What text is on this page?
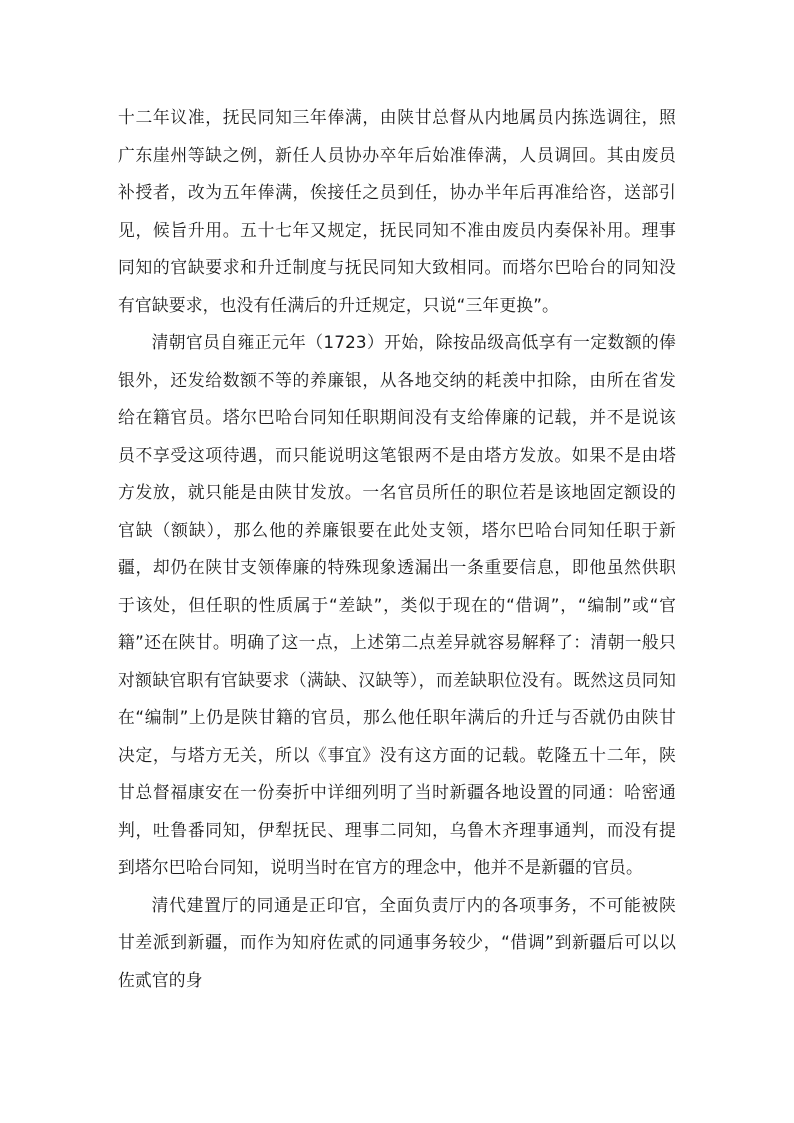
十二年议准，抚民同知三年俸满，由陕甘总督从内地属员内拣选调往，照广东崖州等缺之例，新任人员协办卒年后始准俸满，人员调回。其由废员补授者，改为五年俸满，俟接任之员到任，协办半年后再准给咨，送部引见，候旨升用。五十七年又规定，抚民同知不准由废员内奏保补用。理事同知的官缺要求和升迁制度与抚民同知大致相同。而塔尔巴哈台的同知没有官缺要求，也没有任满后的升迁规定，只说“三年更换”。

清朝官员自雍正元年（1723）开始，除按品级高低享有一定数额的俸银外，还发给数额不等的养廉银，从各地交纳的耗羡中扣除，由所在省发给在籍官员。塔尔巴哈台同知任职期间没有支给俸廉的记载，并不是说该员不享受这项待遇，而只能说明这笔银两不是由塔方发放。如果不是由塔方发放，就只能是由陕甘发放。一名官员所任的职位若是该地固定额设的官缺（额缺），那么他的养廉银要在此处支领，塔尔巴哈台同知任职于新疆，却仍在陕甘支领俸廉的特殊现象透漏出一条重要信息，即他虽然供职于该处，但任职的性质属于“差缺”，类似于现在的“借调”，“编制”或“官籍”还在陕甘。明确了这一点，上述第二点差异就容易解释了：清朝一般只对额缺官职有官缺要求（满缺、汉缺等），而差缺职位没有。既然这员同知在“编制”上仍是陕甘籍的官员，那么他任职年满后的升迁与否就仍由陕甘决定，与塔方无关，所以《事宜》没有这方面的记载。乾隆五十二年，陕甘总督福康安在一份奏折中详细列明了当时新疆各地设置的同通：哈密通判，吐鲁番同知，伊犁抚民、理事二同知，乌鲁木齐理事通判，而没有提到塔尔巴哈台同知，说明当时在官方的理念中，他并不是新疆的官员。

清代建置厅的同通是正印官，全面负责厅内的各项事务，不可能被陕甘差派到新疆，而作为知府佐贰的同通事务较少，“借调”到新疆后可以以佐贰官的身
